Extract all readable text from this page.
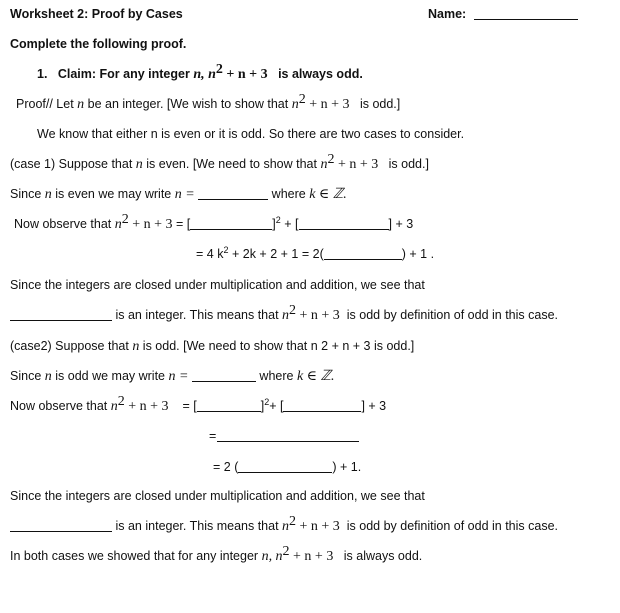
Worksheet 2: Proof by Cases	Name:
Complete the following proof.
1. Claim: For any integer n, $n^2 + n + 3$ is always odd.
Proof// Let n be an integer. [We wish to show that $n^2 + n + 3$ is odd.]
We know that either n is even or it is odd. So there are two cases to consider.
(case 1) Suppose that n is even. [We need to show that $n^2 + n + 3$ is odd.]
Since n is even we may write n =	where k ∈ ℤ.
Now observe that $n^2 + n + 3$ = [	]$^2$ + [	] + 3
= 4 $k^2 + 2k + 2 + 1 = 2$(	) + 1 .
Since the integers are closed under multiplication and addition, we see that
is an integer. This means that $n^2 + n + 3$ is odd by definition of odd in this case.
(case2) Suppose that n is odd. [We need to show that n 2 + n + 3 is odd.]
Since n is odd we may write n =	where k ∈ ℤ.
Now observe that $n^2 + n + 3$ = [	]$^2$+ [	] + 3
=
= 2 (	) + 1.
Since the integers are closed under multiplication and addition, we see that
is an integer. This means that $n^2 + n + 3$ is odd by definition of odd in this case.
In both cases we showed that for any integer n, $n^2 + n + 3$ is always odd.
